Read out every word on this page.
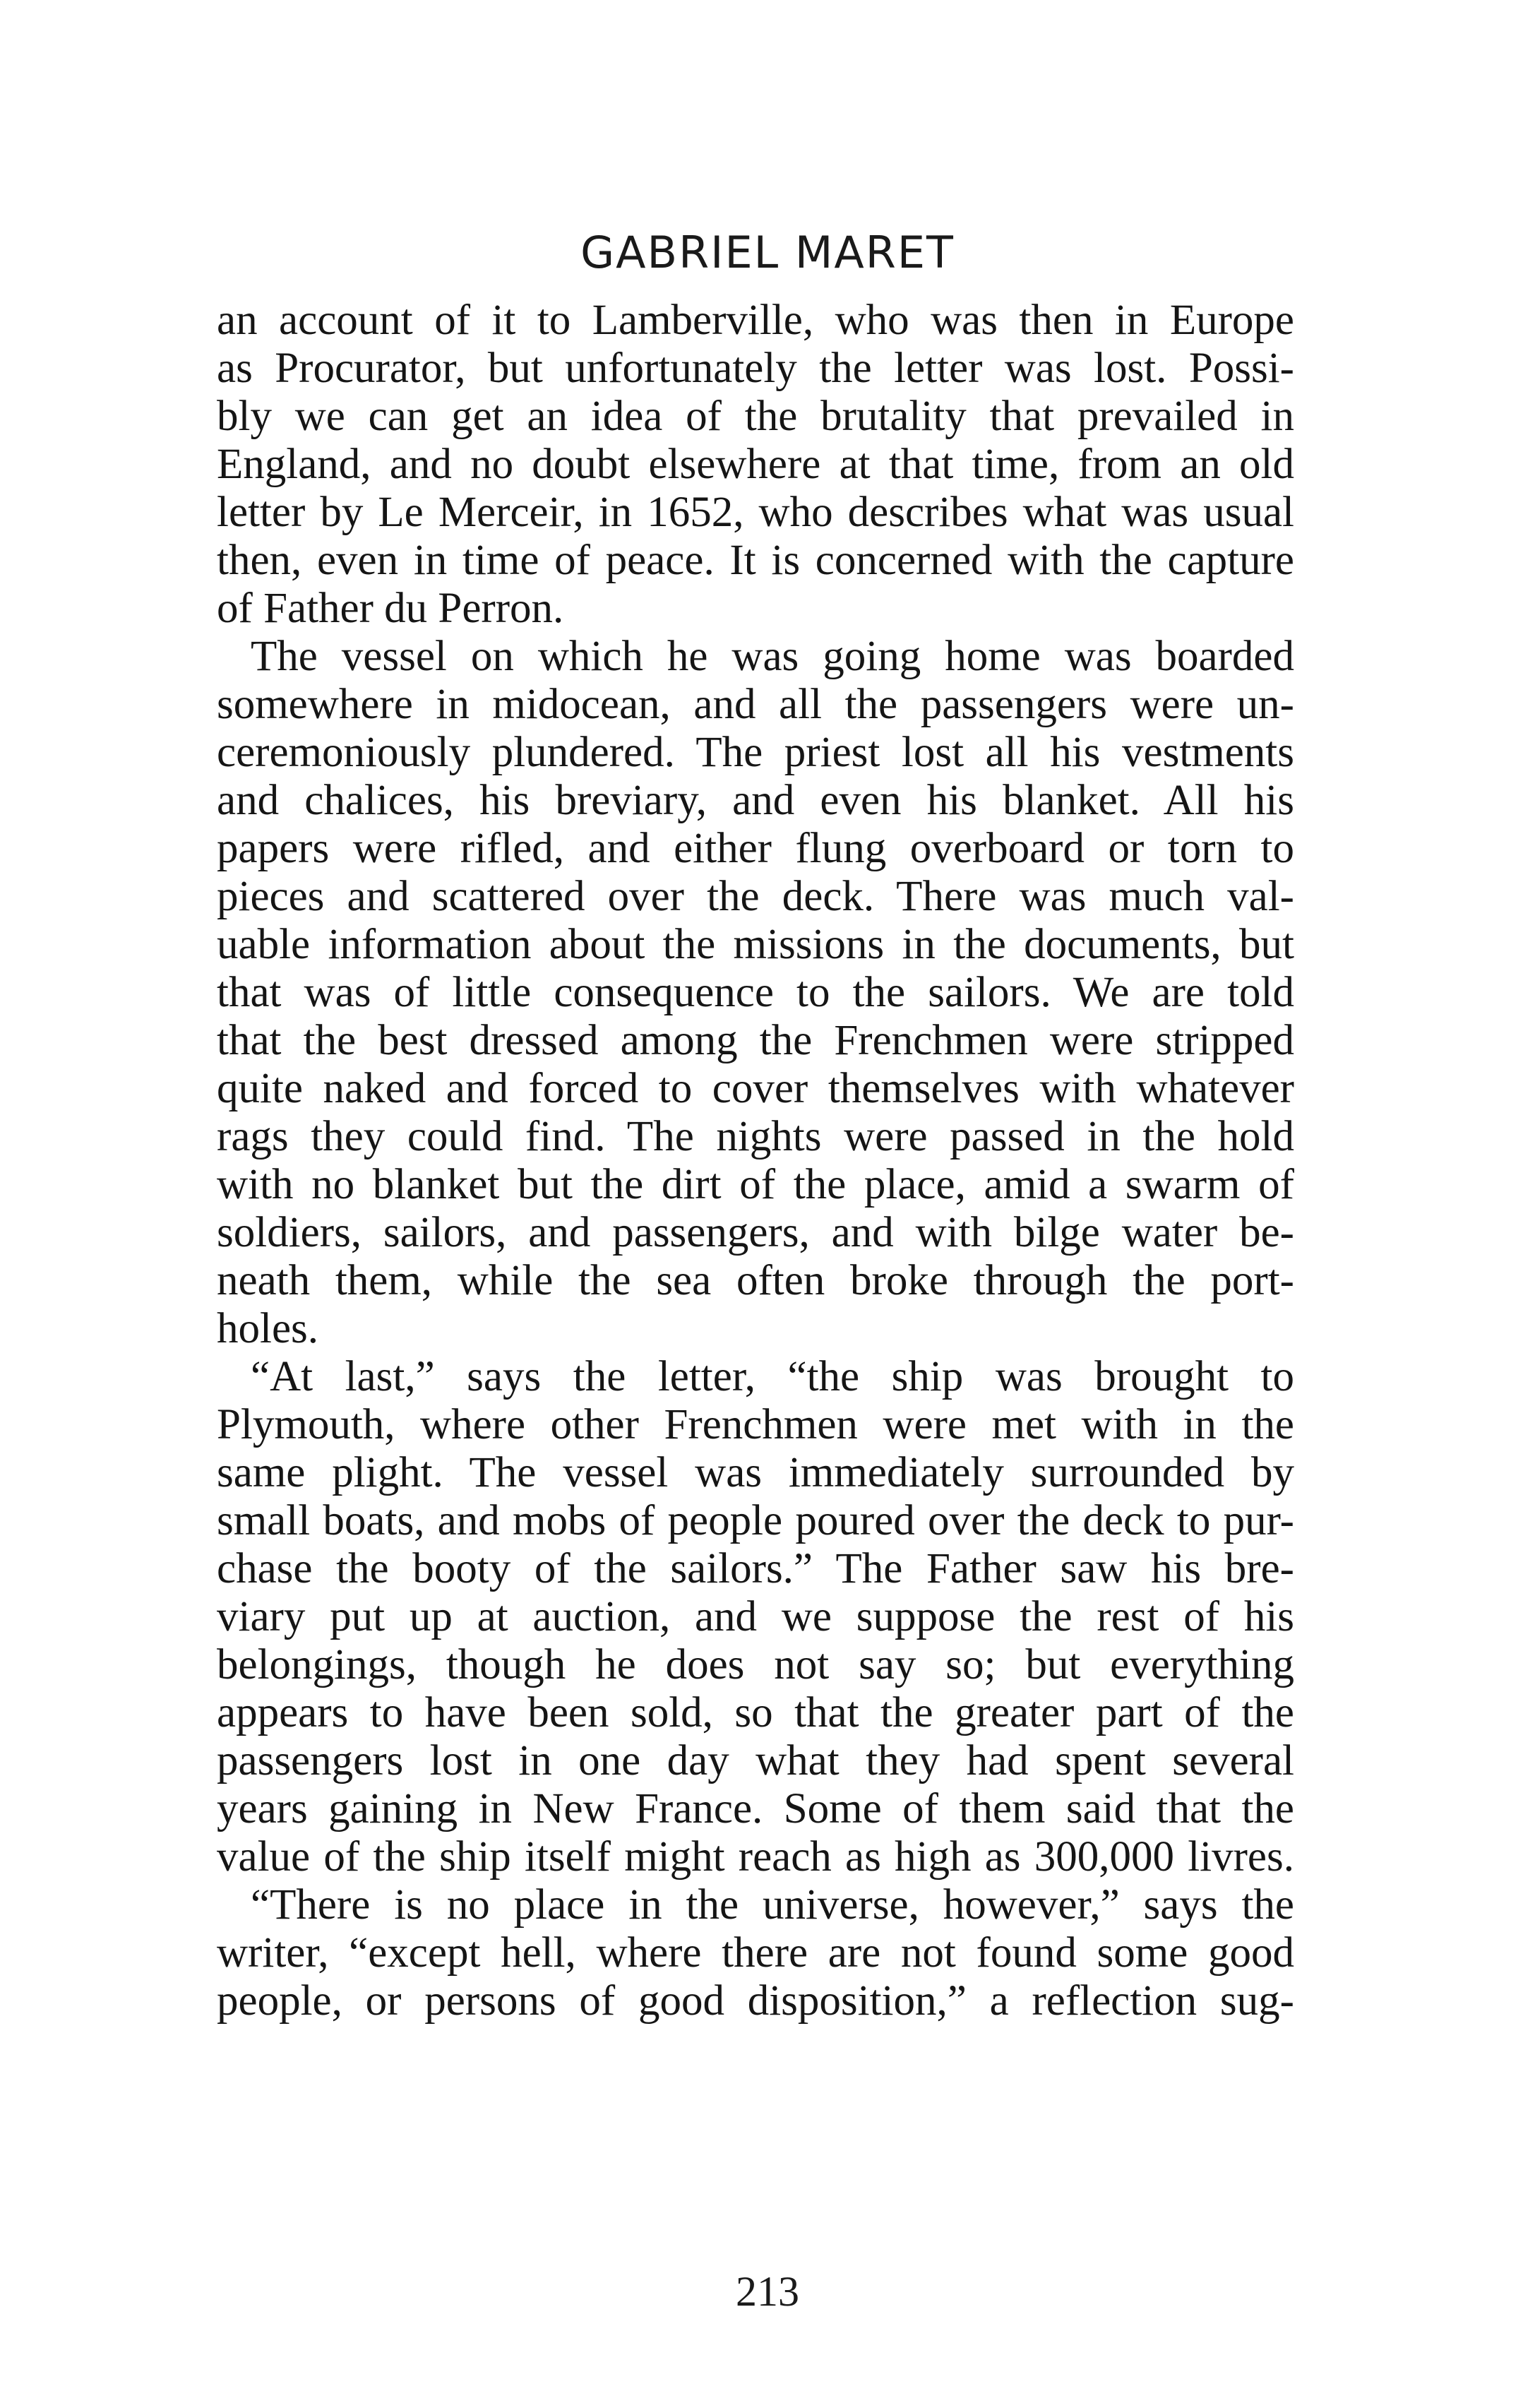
GABRIEL MARET
an account of it to Lamberville, who was then in Europe
as Procurator, but unfortunately the letter was lost. Possi-
bly we can get an idea of the brutality that prevailed in
England, and no doubt elsewhere at that time, from an old
letter by Le Merceir, in 1652, who describes what was usual
then, even in time of peace. It is concerned with the capture
of Father du Perron.
The vessel on which he was going home was boarded
somewhere in midocean, and all the passengers were un-
ceremoniously plundered. The priest lost all his vestments
and chalices, his breviary, and even his blanket. All his
papers were rifled, and either flung overboard or torn to
pieces and scattered over the deck. There was much val-
uable information about the missions in the documents, but
that was of little consequence to the sailors. We are told
that the best dressed among the Frenchmen were stripped
quite naked and forced to cover themselves with whatever
rags they could find. The nights were passed in the hold
with no blanket but the dirt of the place, amid a swarm of
soldiers, sailors, and passengers, and with bilge water be-
neath them, while the sea often broke through the port-
holes.
“At last,” says the letter, “the ship was brought to
Plymouth, where other Frenchmen were met with in the
same plight. The vessel was immediately surrounded by
small boats, and mobs of people poured over the deck to pur-
chase the booty of the sailors.” The Father saw his bre-
viary put up at auction, and we suppose the rest of his
belongings, though he does not say so; but everything
appears to have been sold, so that the greater part of the
passengers lost in one day what they had spent several
years gaining in New France. Some of them said that the
value of the ship itself might reach as high as 300,000 livres.
“There is no place in the universe, however,” says the
writer, “except hell, where there are not found some good
people, or persons of good disposition,” a reflection sug-
213
